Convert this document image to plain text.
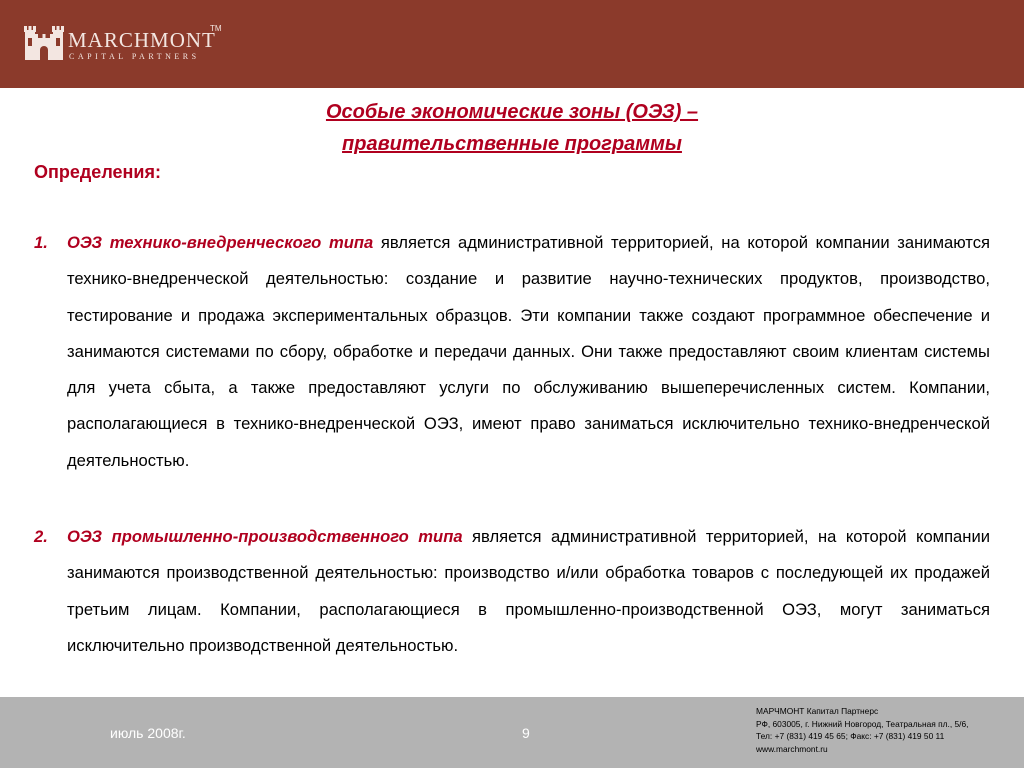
MARCHMONT
TM
CAPITAL PARTNERS
Особые экономические зоны (ОЭЗ) –
правительственные программы
Определения:
1. ОЭЗ технико-внедренческого типа является административной территорией, на которой компании занимаются технико-внедренческой деятельностью: создание и развитие научно-технических продуктов, производство, тестирование и продажа экспериментальных образцов. Эти компании также создают программное обеспечение и занимаются системами по сбору, обработке и передачи данных. Они также предоставляют своим клиентам системы для учета сбыта, а также предоставляют услуги по обслуживанию вышеперечисленных систем. Компании, располагающиеся в технико-внедренческой ОЭЗ, имеют право заниматься исключительно технико-внедренческой деятельностью.
2. ОЭЗ промышленно-производственного типа является административной территорией, на которой компании занимаются производственной деятельностью: производство и/или обработка товаров с последующей их продажей третьим лицам. Компании, располагающиеся в промышленно-производственной ОЭЗ, могут заниматься исключительно производственной деятельностью.
июль 2008г.	9
МАРЧМОНТ Капитал Партнерс
РФ, 603005, г. Нижний Новгород, Театральная пл., 5/6,
Тел: +7 (831) 419 45 65; Факс: +7 (831) 419 50 11
www.marchmont.ru
